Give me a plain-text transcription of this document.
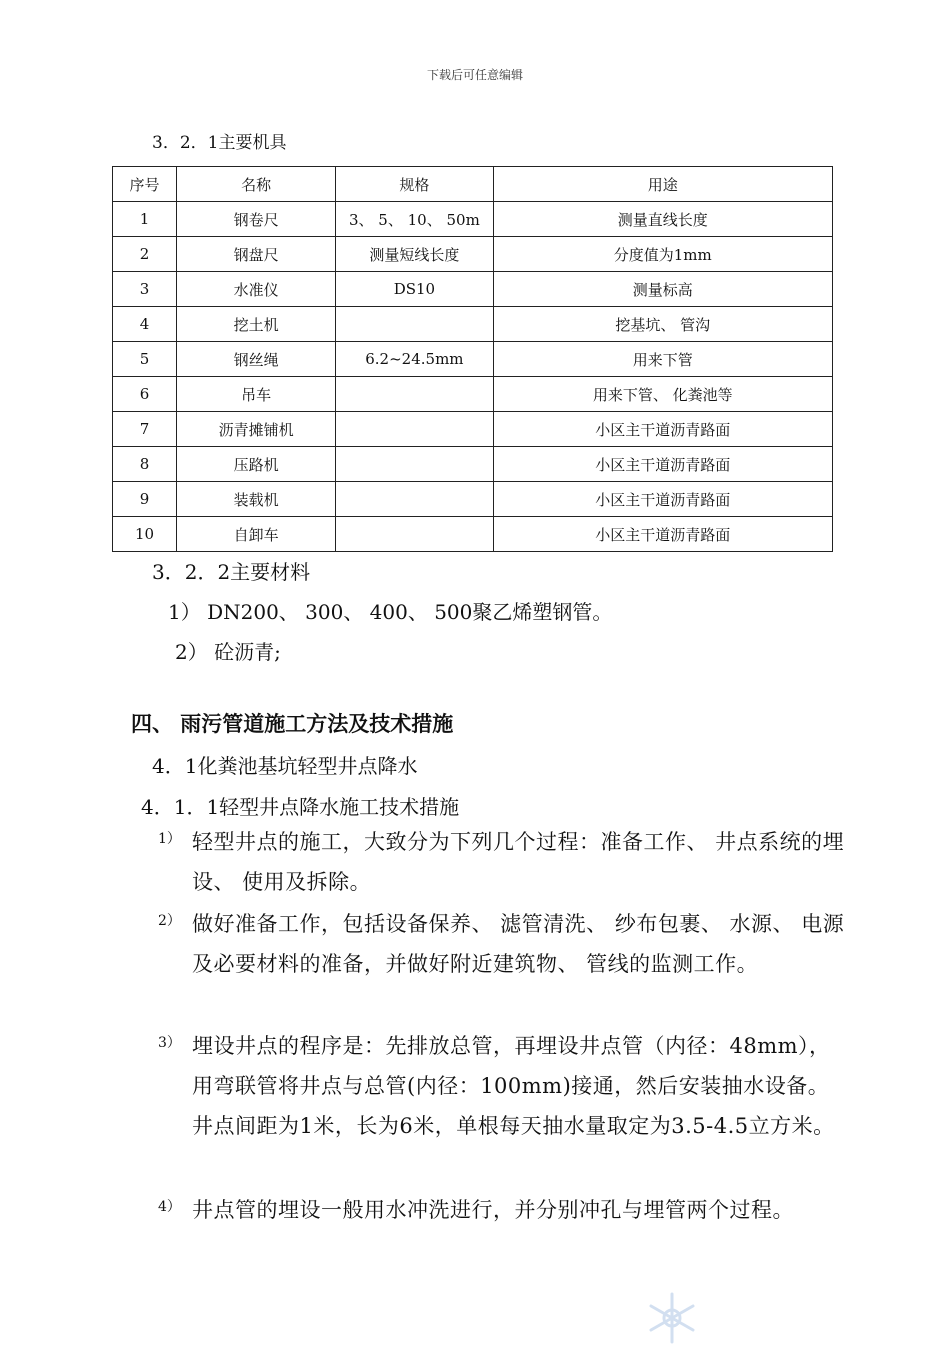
下载后可任意编辑
3．2．1主要机具
序号	名称	规格	用途
1	钢卷尺	3、 5、 10、 50m	测量直线长度
2	钢盘尺	测量短线长度	分度值为1mm
3	水准仪	DS10	测量标高
4	挖土机		挖基坑、 管沟
5	钢丝绳	6.2~24.5mm	用来下管
6	吊车		用来下管、 化粪池等
7	沥青摊铺机		小区主干道沥青路面
8	压路机		小区主干道沥青路面
9	装载机		小区主干道沥青路面
10	自卸车		小区主干道沥青路面
3．2．2主要材料
1） DN200、 300、 400、 500聚乙烯塑钢管。
2） 砼沥青;
四、 雨污管道施工方法及技术措施
4．1化粪池基坑轻型井点降水
4．1．1轻型井点降水施工技术措施
1） 轻型井点的施工，大致分为下列几个过程：准备工作、 井点系统的埋设、 使用及拆除。
2） 做好准备工作，包括设备保养、 滤管清洗、 纱布包裹、 水源、 电源及必要材料的准备，并做好附近建筑物、 管线的监测工作。
3） 埋设井点的程序是：先排放总管，再埋设井点管（内径：48mm），用弯联管将井点与总管(内径：100mm)接通，然后安装抽水设备。井点间距为1米，长为6米，单根每天抽水量取定为3.5-4.5立方米。
4） 井点管的埋设一般用水冲洗进行，并分别冲孔与埋管两个过程。
